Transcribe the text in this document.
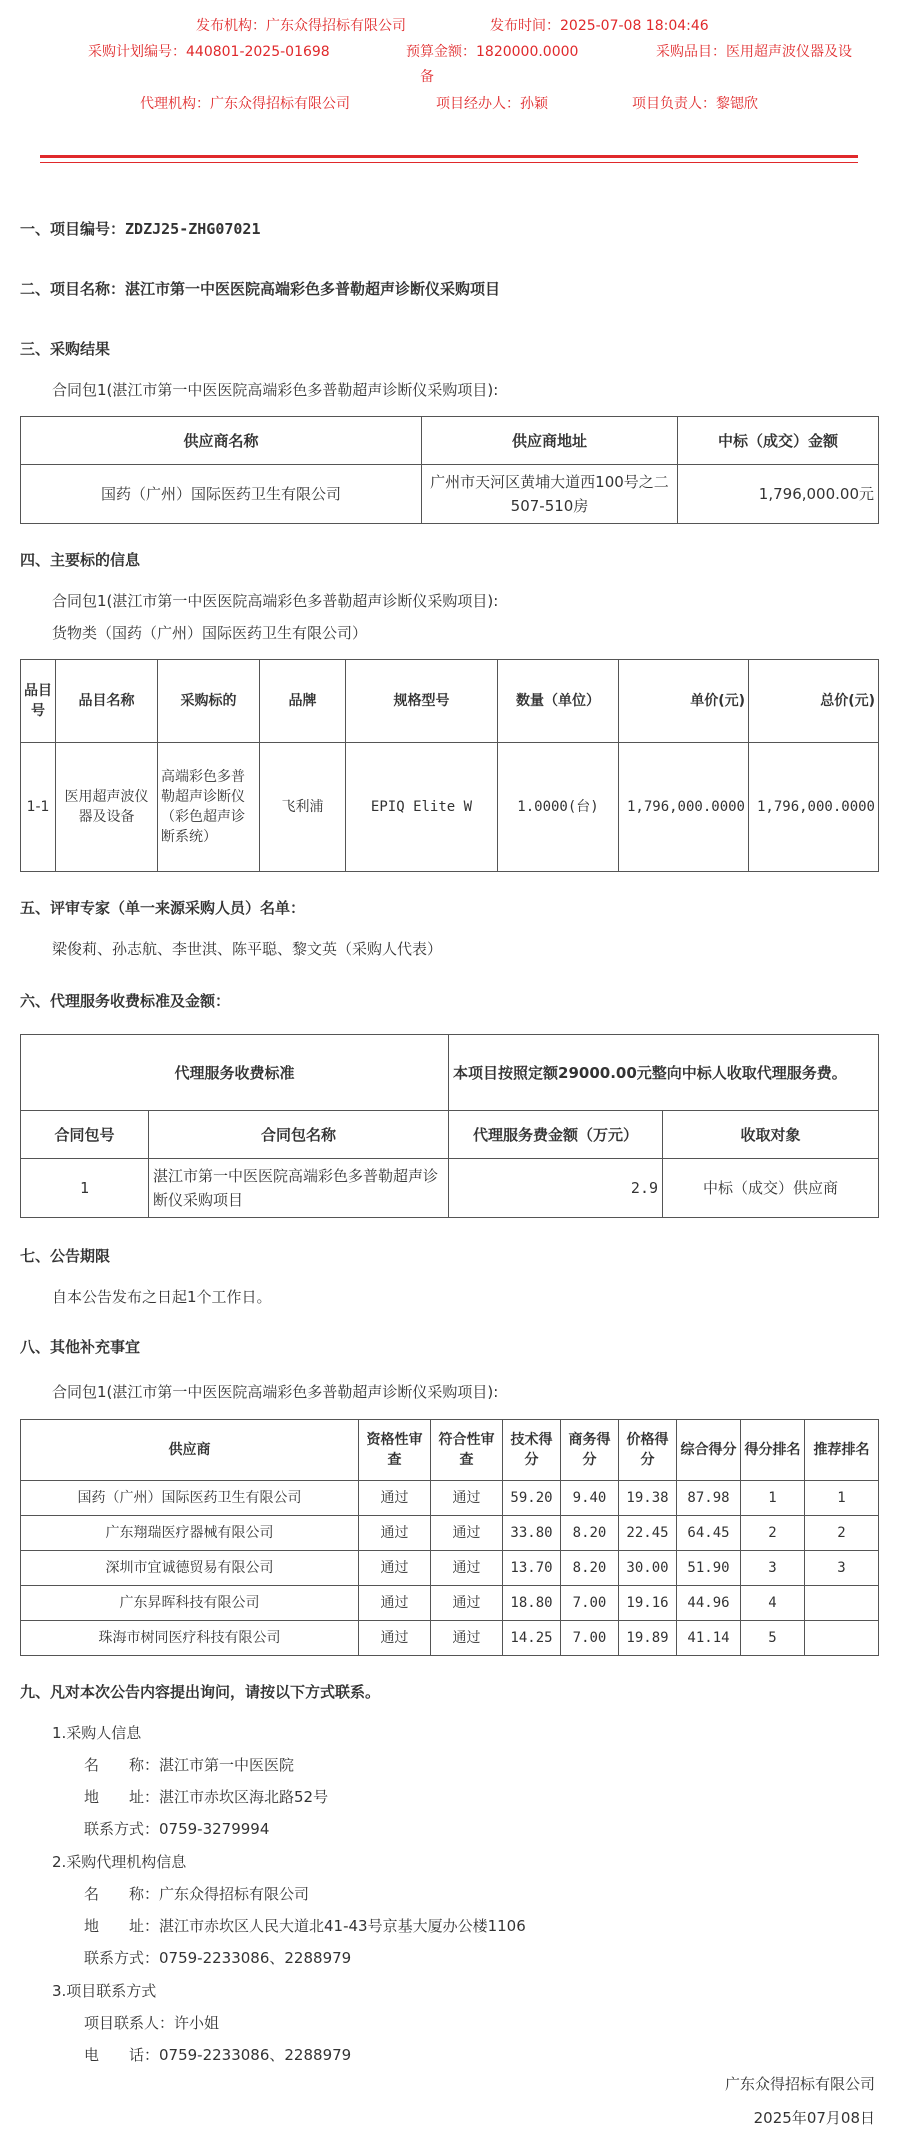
发布机构：广东众得招标有限公司	发布时间：2025-07-08 18:04:46
采购计划编号：440801-2025-01698	预算金额：1820000.0000
备
采购品目：医用超声波仪器及设
代理机构：广东众得招标有限公司	项目经办人：孙颖	项目负责人：黎锶欣
一、项目编号：ZDZJ25-ZHG07021
二、项目名称：湛江市第一中医医院高端彩色多普勒超声诊断仪采购项目
三、采购结果
合同包1(湛江市第一中医医院高端彩色多普勒超声诊断仪采购项目):
供应商名称	供应商地址	中标（成交）金额
国药（广州）国际医药卫生有限公司	广州市天河区黄埔大道西100号之二507-510房	1,796,000.00元
四、主要标的信息
合同包1(湛江市第一中医医院高端彩色多普勒超声诊断仪采购项目):
货物类（国药（广州）国际医药卫生有限公司）
品目号	品目名称	采购标的	品牌	规格型号	数量（单位）	单价(元)	总价(元)
1-1	医用超声波仪器及设备	高端彩色多普勒超声诊断仪（彩色超声诊断系统）	飞利浦	EPIQ Elite W	1.0000(台)	1,796,000.0000	1,796,000.0000
五、评审专家（单一来源采购人员）名单：
梁俊莉、孙志航、李世淇、陈平聪、黎文英（采购人代表）
六、代理服务收费标准及金额：
代理服务收费标准		本项目按照定额29000.00元整向中标人收取代理服务费。	
合同包号	合同包名称	代理服务费金额（万元）	收取对象
1	湛江市第一中医医院高端彩色多普勒超声诊断仪采购项目	2.9	中标（成交）供应商
七、公告期限
自本公告发布之日起1个工作日。
八、其他补充事宜
合同包1(湛江市第一中医医院高端彩色多普勒超声诊断仪采购项目):
供应商	资格性审查	符合性审查	技术得分	商务得分	价格得分	综合得分	得分排名	推荐排名
国药（广州）国际医药卫生有限公司	通过	通过	59.20	9.40	19.38	87.98	1	1
广东翔瑞医疗器械有限公司	通过	通过	33.80	8.20	22.45	64.45	2	2
深圳市宜诚德贸易有限公司	通过	通过	13.70	8.20	30.00	51.90	3	3
广东昇晖科技有限公司	通过	通过	18.80	7.00	19.16	44.96	4	
珠海市树同医疗科技有限公司	通过	通过	14.25	7.00	19.89	41.14	5	
九、凡对本次公告内容提出询问，请按以下方式联系。
1.采购人信息
名　　称：湛江市第一中医医院
地　　址：湛江市赤坎区海北路52号
联系方式：0759-3279994
2.采购代理机构信息
名　　称：广东众得招标有限公司
地　　址：湛江市赤坎区人民大道北41-43号京基大厦办公楼1106
联系方式：0759-2233086、2288979
3.项目联系方式
项目联系人：许小姐
电　　话：0759-2233086、2288979
广东众得招标有限公司
2025年07月08日
